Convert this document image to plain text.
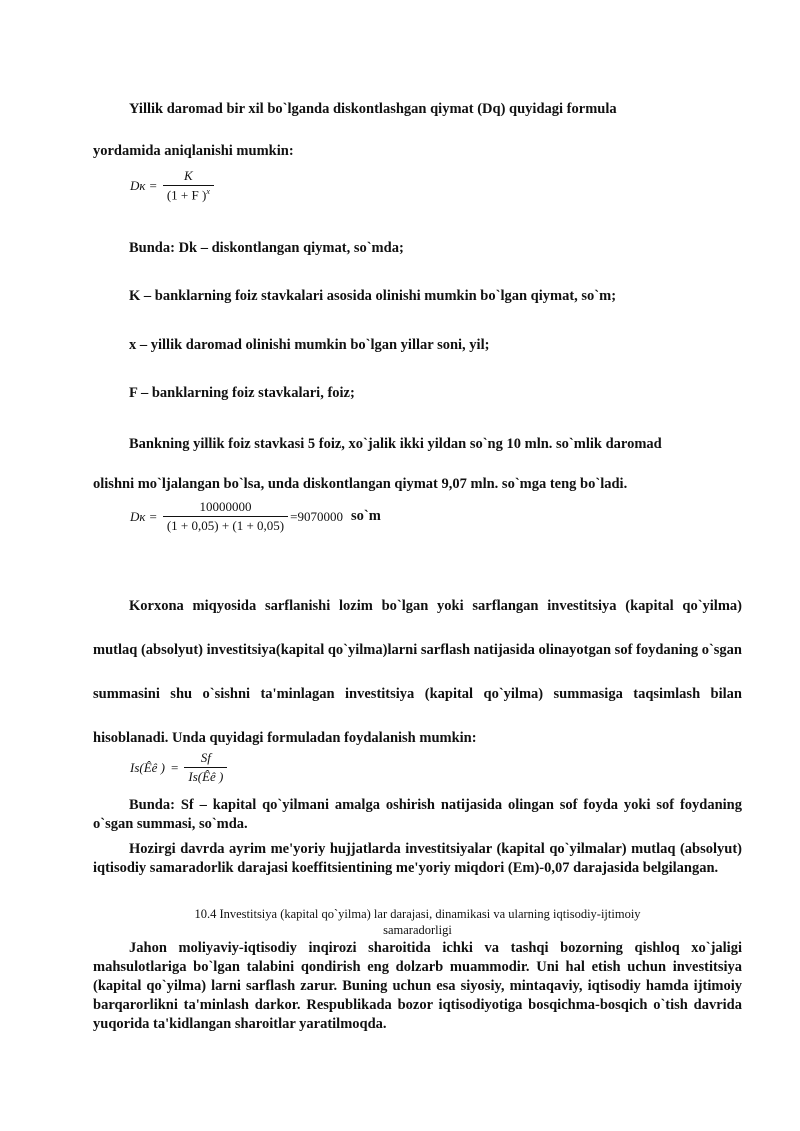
Yillik daromad bir xil bo`lganda diskontlashgan qiymat (Dq) quyidagi formula

yordamida aniqlanishi mumkin:

Dк = $\frac{K}{(1 + F )^x}$

Bunda: Dk – diskontlangan qiymat, so`mda;

K – banklarning foiz stavkalari asosida olinishi mumkin bo`lgan qiymat, so`m;

x – yillik daromad olinishi mumkin bo`lgan yillar soni, yil;

F – banklarning foiz stavkalari, foiz;

Bankning yillik foiz stavkasi 5 foiz, xo`jalik ikki yildan so`ng 10 mln. so`mlik daromad

olishni mo`ljalangan bo`lsa, unda diskontlangan qiymat 9,07 mln. so`mga teng bo`ladi.

Dк = $\frac{10000000}{(1 + 0,05) + (1 + 0,05)} =9070000$ so`m

Korxona miqyosida sarflanishi lozim bo`lgan yoki sarflangan investitsiya (kapital qo`yilma) mutlaq (absolyut) investitsiya(kapital qo`yilma)larni sarflash natijasida olinayotgan sof foydaning o`sgan summasini shu o`sishni ta'minlagan investitsiya (kapital qo`yilma) summasiga taqsimlash bilan hisoblanadi. Unda quyidagi formuladan foydalanish mumkin:

Is(Êê ) = $\frac{Sf}{Is(Êê )}$

Bunda: Sf – kapital qo`yilmani amalga oshirish natijasida olingan sof foyda yoki sof foydaning o`sgan summasi, so`mda.

Hozirgi davrda ayrim me'yoriy hujjatlarda investitsiyalar (kapital qo`yilmalar) mutlaq (absolyut) iqtisodiy samaradorlik darajasi koeffitsientining me'yoriy miqdori (Em)-0,07 darajasida belgilangan.

10.4 Investitsiya (kapital qo`yilma) lar darajasi, dinamikasi va ularning iqtisodiy-ijtimoiy

samaradorligi

Jahon moliyaviy-iqtisodiy inqirozi sharoitida ichki va tashqi bozorning qishloq xo`jaligi mahsulotlariga bo`lgan talabini qondirish eng dolzarb muammodir. Uni hal etish uchun investitsiya (kapital qo`yilma) larni sarflash zarur. Buning uchun esa siyosiy, mintaqaviy, iqtisodiy hamda ijtimoiy barqarorlikni ta'minlash darkor. Respublikada bozor iqtisodiyotiga bosqichma-bosqich o`tish davrida yuqorida ta'kidlangan sharoitlar yaratilmoqda.
